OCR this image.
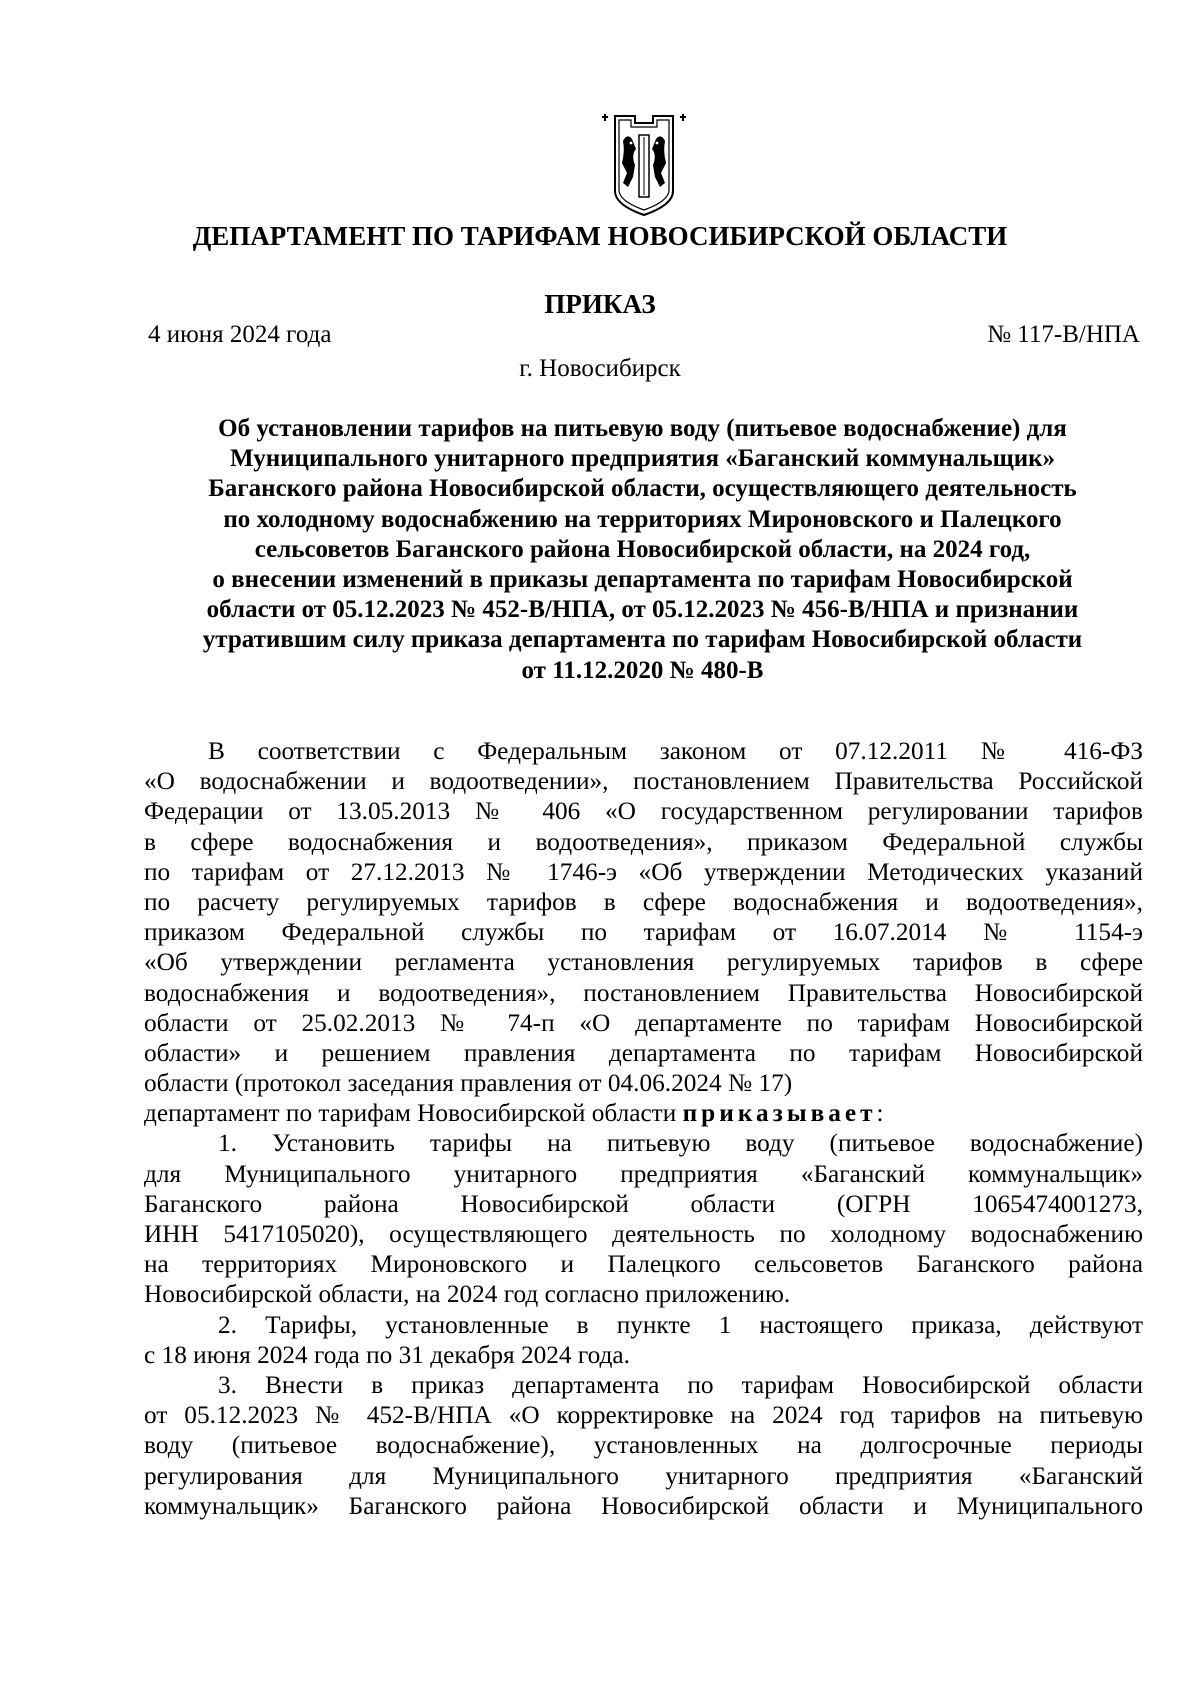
ДЕПАРТАМЕНТ ПО ТАРИФАМ НОВОСИБИРСКОЙ ОБЛАСТИ
ПРИКАЗ
4 июня 2024 года	№ 117-В/НПА
г. Новосибирск
Об установлении тарифов на питьевую воду (питьевое водоснабжение) для
Муниципального унитарного предприятия «Баганский коммунальщик»
Баганского района Новосибирской области, осуществляющего деятельность
по холодному водоснабжению на территориях Мироновского и Палецкого
сельсоветов Баганского района Новосибирской области, на 2024 год,
о внесении изменений в приказы департамента по тарифам Новосибирской
области от 05.12.2023 № 452-В/НПА, от 05.12.2023 № 456-В/НПА и признании
утратившим силу приказа департамента по тарифам Новосибирской области
от 11.12.2020 № 480-В
В соответствии с Федеральным законом от 07.12.2011 № 416-ФЗ
«О водоснабжении и водоотведении», постановлением Правительства Российской
Федерации от 13.05.2013 № 406 «О государственном регулировании тарифов
в сфере водоснабжения и водоотведения», приказом Федеральной службы
по тарифам от 27.12.2013 № 1746-э «Об утверждении Методических указаний
по расчету регулируемых тарифов в сфере водоснабжения и водоотведения»,
приказом Федеральной службы по тарифам от 16.07.2014 № 1154-э
«Об утверждении регламента установления регулируемых тарифов в сфере
водоснабжения и водоотведения», постановлением Правительства Новосибирской
области от 25.02.2013 № 74-п «О департаменте по тарифам Новосибирской
области» и решением правления департамента по тарифам Новосибирской
области (протокол заседания правления от 04.06.2024 № 17)
департамент по тарифам Новосибирской области приказывает:
1. Установить тарифы на питьевую воду (питьевое водоснабжение)
для Муниципального унитарного предприятия «Баганский коммунальщик»
Баганского района Новосибирской области (ОГРН 1065474001273,
ИНН 5417105020), осуществляющего деятельность по холодному водоснабжению
на территориях Мироновского и Палецкого сельсоветов Баганского района
Новосибирской области, на 2024 год согласно приложению.
2. Тарифы, установленные в пункте 1 настоящего приказа, действуют
с 18 июня 2024 года по 31 декабря 2024 года.
3. Внести в приказ департамента по тарифам Новосибирской области
от 05.12.2023 № 452-В/НПА «О корректировке на 2024 год тарифов на питьевую
воду (питьевое водоснабжение), установленных на долгосрочные периоды
регулирования для Муниципального унитарного предприятия «Баганский
коммунальщик» Баганского района Новосибирской области и Муниципального
